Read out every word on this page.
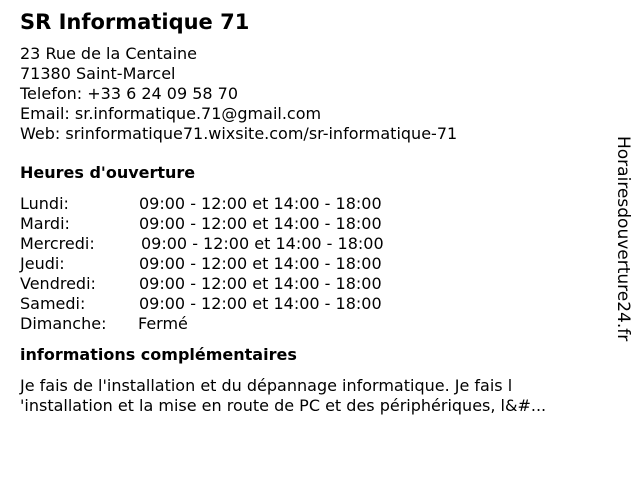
SR Informatique 71
23 Rue de la Centaine
71380 Saint-Marcel
Telefon: +33 6 24 09 58 70
Email: sr.informatique.71@gmail.com
Web: srinformatique71.wixsite.com/sr-informatique-71
Heures d'ouverture
Lundi:	09:00 - 12:00 et 14:00 - 18:00
Mardi:	09:00 - 12:00 et 14:00 - 18:00
Mercredi:	09:00 - 12:00 et 14:00 - 18:00
Jeudi:	09:00 - 12:00 et 14:00 - 18:00
Vendredi:	09:00 - 12:00 et 14:00 - 18:00
Samedi:	09:00 - 12:00 et 14:00 - 18:00
Dimanche: Fermé
informations complémentaires
Je fais de l'installation et du dépannage informatique. Je fais l 'installation et la mise en route de PC et des périphériques, l&#...
Horairesdouverture24.fr
